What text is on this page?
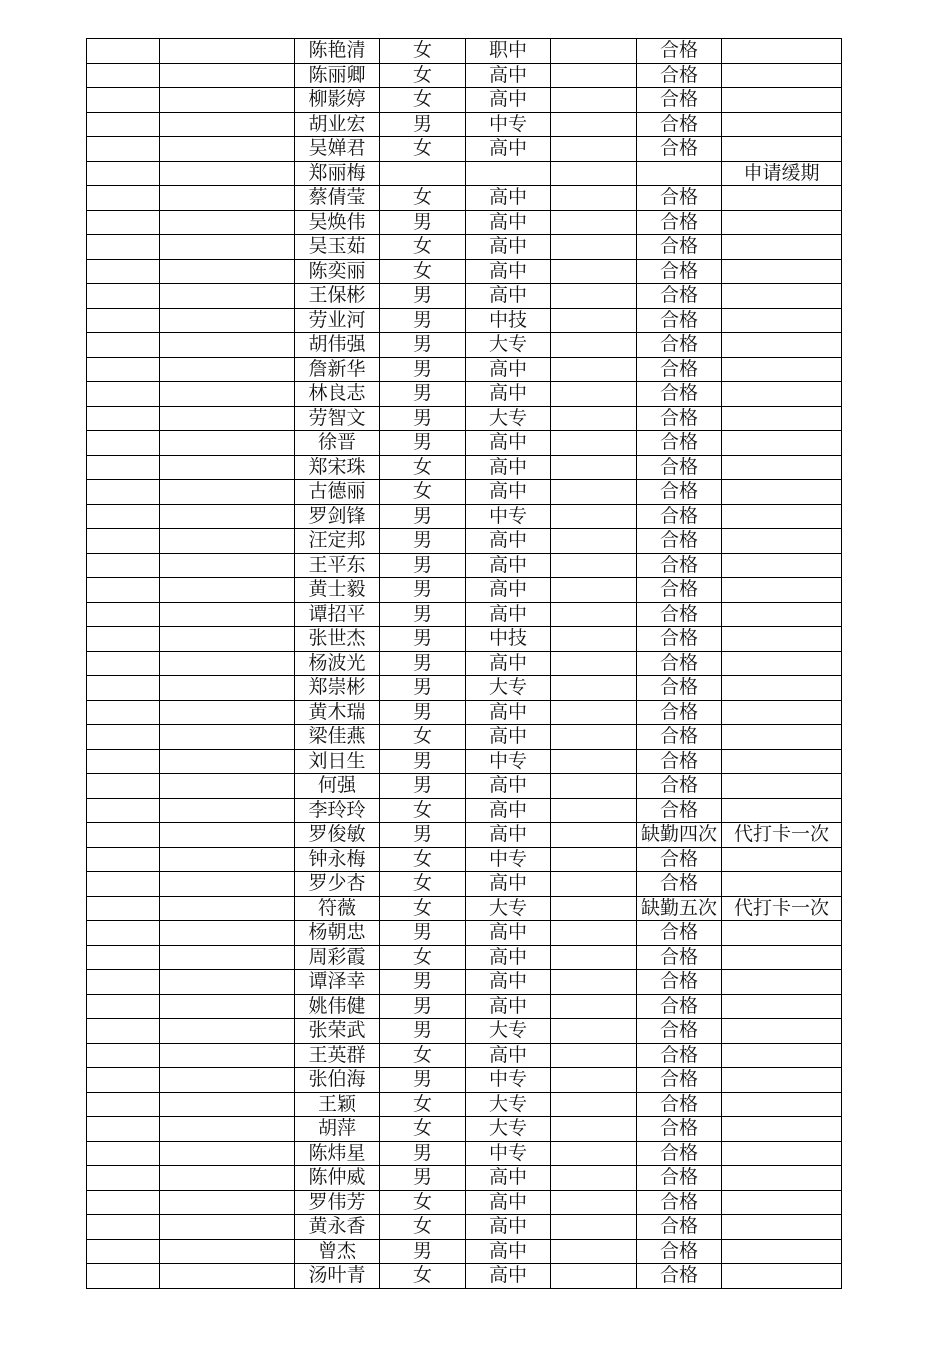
		陈艳清	女	职中		合格	
		陈丽卿	女	高中		合格	
		柳影婷	女	高中		合格	
		胡业宏	男	中专		合格	
		吴婵君	女	高中		合格	
		郑丽梅					申请缓期
		蔡倩莹	女	高中		合格	
		吴焕伟	男	高中		合格	
		吴玉茹	女	高中		合格	
		陈奕丽	女	高中		合格	
		王保彬	男	高中		合格	
		劳业河	男	中技		合格	
		胡伟强	男	大专		合格	
		詹新华	男	高中		合格	
		林良志	男	高中		合格	
		劳智文	男	大专		合格	
		徐晋	男	高中		合格	
		郑宋珠	女	高中		合格	
		古德丽	女	高中		合格	
		罗剑锋	男	中专		合格	
		汪定邦	男	高中		合格	
		王平东	男	高中		合格	
		黄士毅	男	高中		合格	
		谭招平	男	高中		合格	
		张世杰	男	中技		合格	
		杨波光	男	高中		合格	
		郑崇彬	男	大专		合格	
		黄木瑞	男	高中		合格	
		梁佳燕	女	高中		合格	
		刘日生	男	中专		合格	
		何强	男	高中		合格	
		李玲玲	女	高中		合格	
		罗俊敏	男	高中		缺勤四次	代打卡一次
		钟永梅	女	中专		合格	
		罗少杏	女	高中		合格	
		符薇	女	大专		缺勤五次	代打卡一次
		杨朝忠	男	高中		合格	
		周彩霞	女	高中		合格	
		谭泽幸	男	高中		合格	
		姚伟健	男	高中		合格	
		张荣武	男	大专		合格	
		王英群	女	高中		合格	
		张伯海	男	中专		合格	
		王颖	女	大专		合格	
		胡萍	女	大专		合格	
		陈炜星	男	中专		合格	
		陈仲威	男	高中		合格	
		罗伟芳	女	高中		合格	
		黄永香	女	高中		合格	
		曾杰	男	高中		合格	
		汤叶青	女	高中		合格	
